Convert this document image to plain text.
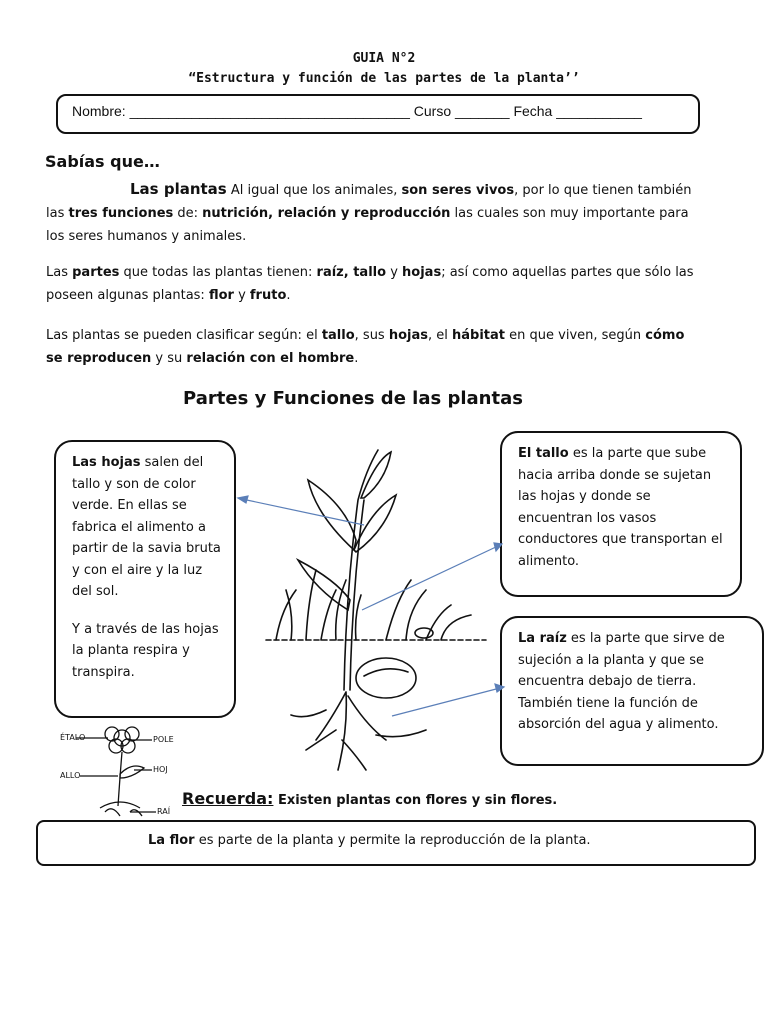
GUIA N°2
“Estructura y función de las partes de la planta’’
Nombre: ____________________________________ Curso _______ Fecha ___________
Sabías que…
Las plantas Al igual que los animales, son seres vivos, por lo que tienen también
las tres funciones de: nutrición, relación y reproducción las cuales son muy importante para
los seres humanos y animales.
Las partes que todas las plantas tienen: raíz, tallo y hojas; así como aquellas partes que sólo las
poseen algunas plantas: flor y fruto.
Las plantas se pueden clasificar según: el tallo, sus hojas, el hábitat en que viven, según cómo
se reproducen y su relación con el hombre.
Partes y Funciones de las plantas

Las hojas salen del tallo y son de color verde. En ellas se fabrica el alimento a partir de la savia bruta y con el aire y la luz del sol.

Y a través de las hojas la planta respira y transpira.

El tallo es la parte que sube hacia arriba donde se sujetan las hojas y donde se encuentran los vasos conductores que transportan el alimento.

La raíz es la parte que sirve de sujeción a la planta y que se encuentra debajo de tierra. También tiene la función de absorción del agua y alimento.

ÉTALO	POLE
HOJ
ALLO
RAÍ
Recuerda: Existen plantas con flores y sin flores.
La flor es parte de la planta y permite la reproducción de la planta.
